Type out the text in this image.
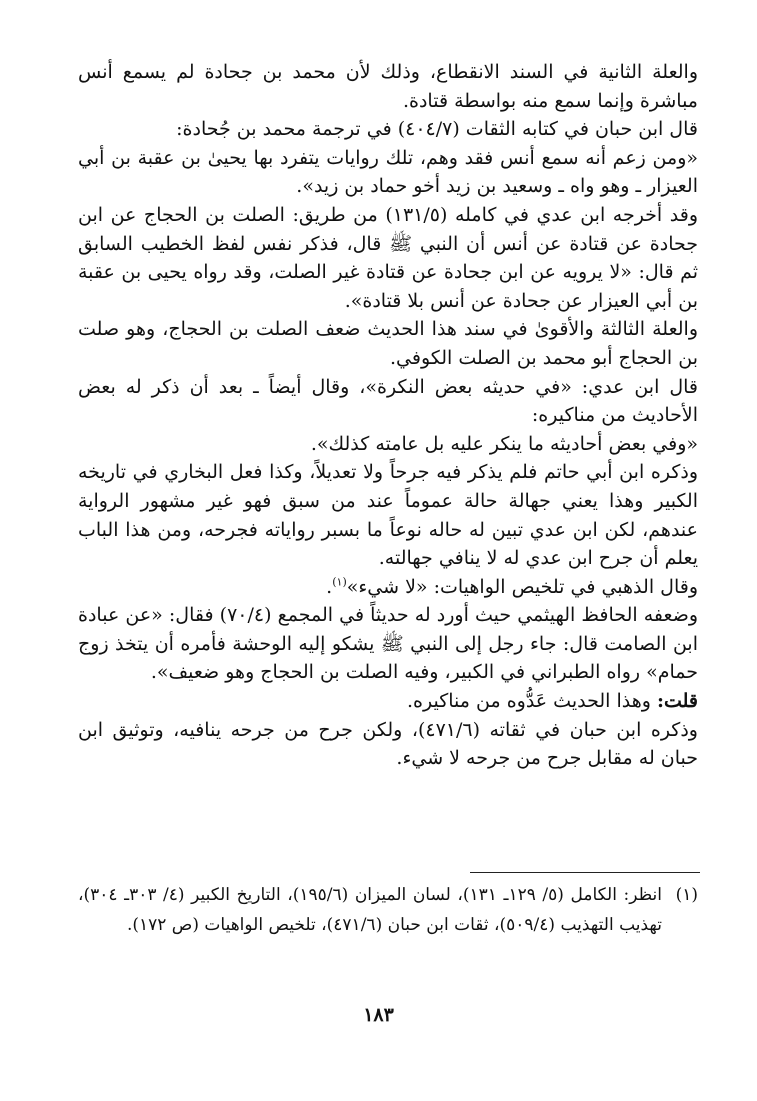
والعلة الثانية في السند الانقطاع، وذلك لأن محمد بن جحادة لم يسمع أنس مباشرة وإنما سمع منه بواسطة قتادة.

قال ابن حبان في كتابه الثقات (٤٠٤/٧) في ترجمة محمد بن جُحادة:

«ومن زعم أنه سمع أنس فقد وهم، تلك روايات يتفرد بها يحيىٰ بن عقبة بن أبي العيزار ـ وهو واه ـ وسعيد بن زيد أخو حماد بن زيد».

وقد أخرجه ابن عدي في كامله (١٣١/٥) من طريق: الصلت بن الحجاج عن ابن جحادة عن قتادة عن أنس أن النبي ﷺ قال، فذكر نفس لفظ الخطيب السابق ثم قال: «لا يرويه عن ابن جحادة عن قتادة غير الصلت، وقد رواه يحيى بن عقبة بن أبي العيزار عن جحادة عن أنس بلا قتادة».

والعلة الثالثة والأقوىٰ في سند هذا الحديث ضعف الصلت بن الحجاج، وهو صلت بن الحجاج أبو محمد بن الصلت الكوفي.

قال ابن عدي: «في حديثه بعض النكرة»، وقال أيضاً ـ بعد أن ذكر له بعض الأحاديث من مناكيره:

«وفي بعض أحاديثه ما ينكر عليه بل عامته كذلك».

وذكره ابن أبي حاتم فلم يذكر فيه جرحاً ولا تعديلاً، وكذا فعل البخاري في تاريخه الكبير وهذا يعني جهالة حالة عموماً عند من سبق فهو غير مشهور الرواية عندهم، لكن ابن عدي تبين له حاله نوعاً ما بسبر رواياته فجرحه، ومن هذا الباب يعلم أن جرح ابن عدي له لا ينافي جهالته.

وقال الذهبي في تلخيص الواهيات: «لا شيء»$^{(١)}$.

وضعفه الحافظ الهيثمي حيث أورد له حديثاً في المجمع (٧٠/٤) فقال: «عن عبادة ابن الصامت قال: جاء رجل إلى النبي ﷺ يشكو إليه الوحشة فأمره أن يتخذ زوج حمام» رواه الطبراني في الكبير، وفيه الصلت بن الحجاج وهو ضعيف».

قلت: وهذا الحديث عَدُّوه من مناكيره.

وذكره ابن حبان في ثقاته (٤٧١/٦)، ولكن جرح من جرحه ينافيه، وتوثيق ابن حبان له مقابل جرح من جرحه لا شيء.

(١)
انظر: الكامل (٥/ ١٢٩ـ ١٣١)، لسان الميزان (١٩٥/٦)، التاريخ الكبير (٤/ ٣٠٣ـ ٣٠٤)، تهذيب التهذيب (٥٠٩/٤)، ثقات ابن حبان (٤٧١/٦)، تلخيص الواهيات (ص ١٧٢).
١٨٣
